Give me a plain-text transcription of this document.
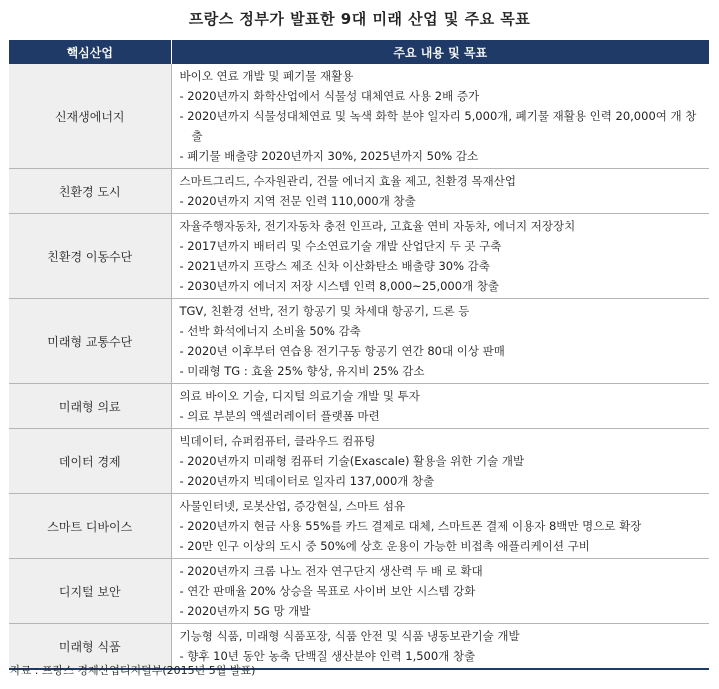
프랑스 정부가 발표한 9대 미래 산업 및 주요 목표
핵심산업	주요 내용 및 목표
신재생에너지	바이오 연료 개발 및 폐기물 재활용
- 2020년까지 화학산업에서 식물성 대체연료 사용 2배 증가
- 2020년까지 식물성대체연료 및 녹색 화학 분야 일자리 5,000개, 폐기물 재활용 인력 20,000여 개 창출
- 폐기물 배출량 2020년까지 30%, 2025년까지 50% 감소

친환경 도시	스마트그리드, 수자원관리, 건물 에너지 효율 제고, 친환경 목재산업
- 2020년까지 지역 전문 인력 110,000개 창출

친환경 이동수단	자율주행자동차, 전기자동차 충전 인프라, 고효율 연비 자동차, 에너지 저장장치
- 2017년까지 배터리 및 수소연료기술 개발 산업단지 두 곳 구축
- 2021년까지 프랑스 제조 신차 이산화탄소 배출량 30% 감축
- 2030년까지 에너지 저장 시스템 인력 8,000~25,000개 창출

미래형 교통수단	TGV, 친환경 선박, 전기 항공기 및 차세대 항공기, 드론 등
- 선박 화석에너지 소비율 50% 감축
- 2020년 이후부터 연습용 전기구동 항공기 연간 80대 이상 판매
- 미래형 TG : 효율 25% 향상, 유지비 25% 감소

미래형 의료	의료 바이오 기술, 디지털 의료기술 개발 및 투자
- 의료 부분의 액셀러레이터 플랫폼 마련

데이터 경제	빅데이터, 슈퍼컴퓨터, 클라우드 컴퓨팅
- 2020년까지 미래형 컴퓨터 기술(Exascale) 활용을 위한 기술 개발
- 2020년까지 빅데이터로 일자리 137,000개 창출

스마트 디바이스	사물인터넷, 로봇산업, 증강현실, 스마트 섬유
- 2020년까지 현금 사용 55%를 카드 결제로 대체, 스마트폰 결제 이용자 8백만 명으로 확장
- 20만 인구 이상의 도시 중 50%에 상호 운용이 가능한 비접촉 애플리케이션 구비

디지털 보안	- 2020년까지 크롬 나노 전자 연구단지 생산력 두 배 로 확대
- 연간 판매율 20% 상승을 목표로 사이버 보안 시스템 강화
- 2020년까지 5G 망 개발

미래형 식품	기능형 식품, 미래형 식품포장, 식품 안전 및 식품 냉동보관기술 개발
- 향후 10년 동안 농축 단백질 생산분야 인력 1,500개 창출
자료 : 프랑스 경제산업디지털부(2015년 5월 발표)
